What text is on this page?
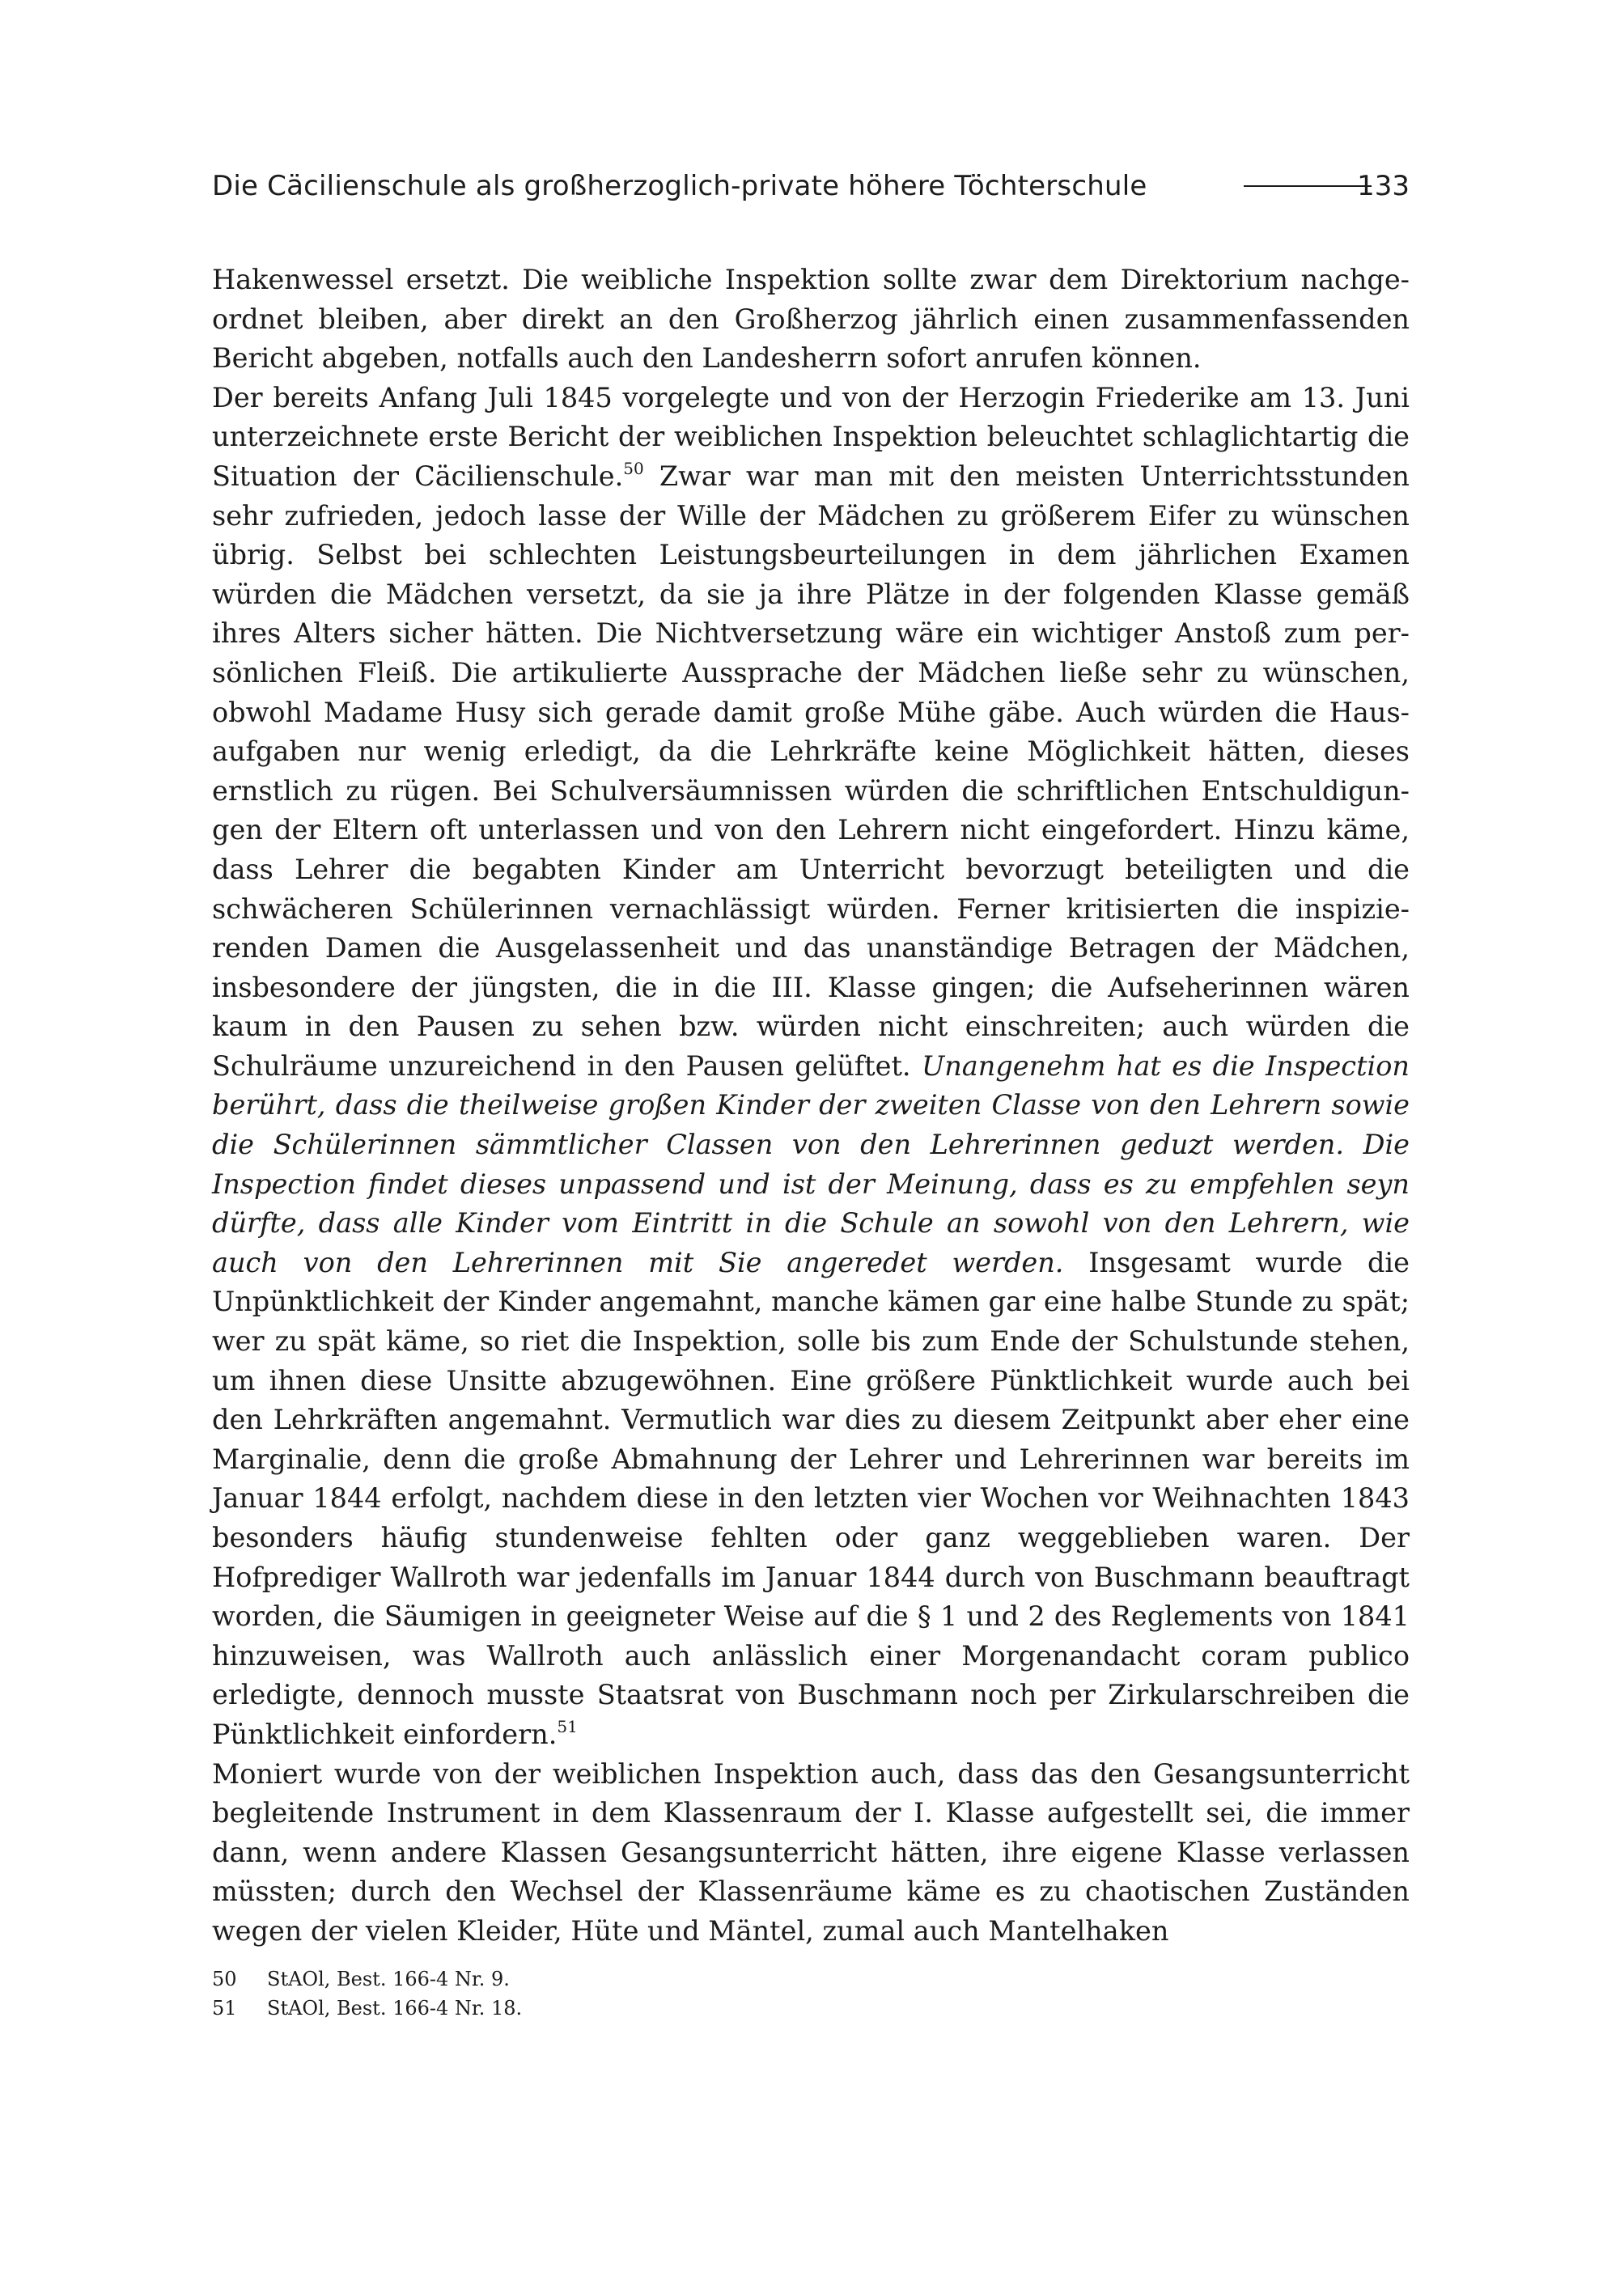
Die Cäcilienschule als großherzoglich-private höhere Töchterschule	133

Hakenwessel ersetzt. Die weibliche Inspektion sollte zwar dem Direktorium nachgeordnet bleiben, aber direkt an den Großherzog jährlich einen zusammenfassenden Bericht abgeben, notfalls auch den Landesherrn sofort anrufen können.

Der bereits Anfang Juli 1845 vorgelegte und von der Herzogin Friederike am 13. Juni unterzeichnete erste Bericht der weiblichen Inspektion beleuchtet schlaglichtartig die Situation der Cäcilienschule.$^{50}$ Zwar war man mit den meisten Unterrichtsstunden sehr zufrieden, jedoch lasse der Wille der Mädchen zu größerem Eifer zu wünschen übrig. Selbst bei schlechten Leistungsbeurteilungen in dem jährlichen Examen würden die Mädchen versetzt, da sie ja ihre Plätze in der folgenden Klasse gemäß ihres Alters sicher hätten. Die Nichtversetzung wäre ein wichtiger Anstoß zum persönlichen Fleiß. Die artikulierte Aussprache der Mädchen ließe sehr zu wünschen, obwohl Madame Husy sich gerade damit große Mühe gäbe. Auch würden die Hausaufgaben nur wenig erledigt, da die Lehrkräfte keine Möglichkeit hätten, dieses ernstlich zu rügen. Bei Schulversäumnissen würden die schriftlichen Entschuldigungen der Eltern oft unterlassen und von den Lehrern nicht eingefordert. Hinzu käme, dass Lehrer die begabten Kinder am Unterricht bevorzugt beteiligten und die schwächeren Schülerinnen vernachlässigt würden. Ferner kritisierten die inspizierenden Damen die Ausgelassenheit und das unanständige Betragen der Mädchen, insbesondere der jüngsten, die in die III. Klasse gingen; die Aufseherinnen wären kaum in den Pausen zu sehen bzw. würden nicht einschreiten; auch würden die Schulräume unzureichend in den Pausen gelüftet. Unangenehm hat es die Inspection berührt, dass die theilweise großen Kinder der zweiten Classe von den Lehrern sowie die Schülerinnen sämmtlicher Classen von den Lehrerinnen geduzt werden. Die Inspection findet dieses unpassend und ist der Meinung, dass es zu empfehlen seyn dürfte, dass alle Kinder vom Eintritt in die Schule an sowohl von den Lehrern, wie auch von den Lehrerinnen mit Sie angeredet werden. Insgesamt wurde die Unpünktlichkeit der Kinder angemahnt, manche kämen gar eine halbe Stunde zu spät; wer zu spät käme, so riet die Inspektion, solle bis zum Ende der Schulstunde stehen, um ihnen diese Unsitte abzugewöhnen. Eine größere Pünktlichkeit wurde auch bei den Lehrkräften angemahnt. Vermutlich war dies zu diesem Zeitpunkt aber eher eine Marginalie, denn die große Abmahnung der Lehrer und Lehrerinnen war bereits im Januar 1844 erfolgt, nachdem diese in den letzten vier Wochen vor Weihnachten 1843 besonders häufig stundenweise fehlten oder ganz weggeblieben waren. Der Hofprediger Wallroth war jedenfalls im Januar 1844 durch von Buschmann beauftragt worden, die Säumigen in geeigneter Weise auf die § 1 und 2 des Reglements von 1841 hinzuweisen, was Wallroth auch anlässlich einer Morgenandacht coram publico erledigte, dennoch musste Staatsrat von Buschmann noch per Zirkularschreiben die Pünktlichkeit einfordern.$^{51}$

Moniert wurde von der weiblichen Inspektion auch, dass das den Gesangsunterricht begleitende Instrument in dem Klassenraum der I. Klasse aufgestellt sei, die immer dann, wenn andere Klassen Gesangsunterricht hätten, ihre eigene Klasse verlassen müssten; durch den Wechsel der Klassenräume käme es zu chaotischen Zuständen wegen der vielen Kleider, Hüte und Mäntel, zumal auch Mantelhaken

50	StAOl, Best. 166-4 Nr. 9.
51	StAOl, Best. 166-4 Nr. 18.
